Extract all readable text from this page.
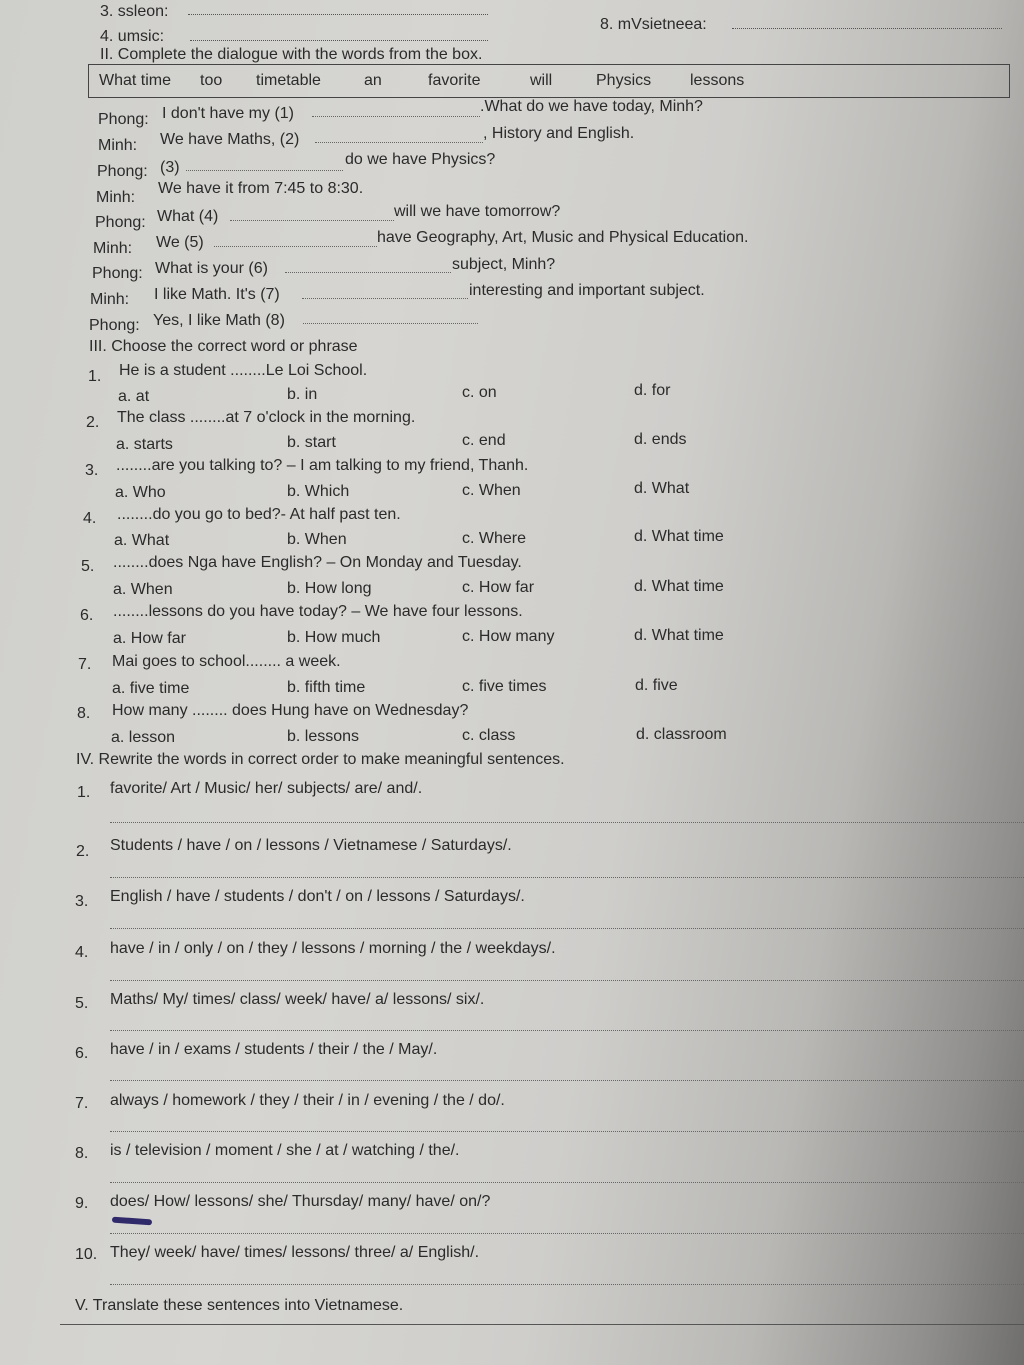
3. ssleon:
4. umsic:
8. mVsietneea:
II. Complete the dialogue with the words from the box.
What time too timetable	an	favorite	will	Physics lessons
Phong: I don't have my (1)	.What do we have today, Minh?
Minh: We have Maths, (2)	, History and English.
Phong: (3)	do we have Physics?
Minh:
We have it from 7:45 to 8:30.
Phong: What (4)	will we have tomorrow?
Minh: We (5)	have Geography, Art, Music and Physical Education.
Phong: What is your (6)	subject, Minh?
Minh: I like Math. It's (7)	interesting and important subject.
Phong: Yes, I like Math (8)
III. Choose the correct word or phrase
1. He is a student ........Le Loi School.
a. at	b. in	c. on	d. for
2. The class ........at 7 o'clock in the morning.
a. starts	b. start	c. end	d. ends
3. ........are you talking to? – I am talking to my friend, Thanh.
a. Who	b. Which	c. When	d. What
4. ........do you go to bed?- At half past ten.
a. What	b. When	c. Where	d. What time
5. ........does Nga have English? – On Monday and Tuesday.
a. When	b. How long	c. How far	d. What time
6. ........lessons do you have today? – We have four lessons.
a. How far	b. How much	c. How many	d. What time
7. Mai goes to school........ a week.
a. five time	b. fifth time	c. five times	d. five
8. How many ........ does Hung have on Wednesday?
a. lesson	b. lessons	c. class	d. classroom
IV. Rewrite the words in correct order to make meaningful sentences.
1. favorite/ Art / Music/ her/ subjects/ are/ and/.
2. Students / have / on / lessons / Vietnamese / Saturdays/.
3. English / have / students / don't / on / lessons / Saturdays/.
4. have / in / only / on / they / lessons / morning / the / weekdays/.
5. Maths/ My/ times/ class/ week/ have/ a/ lessons/ six/.
6. have / in / exams / students / their / the / May/.
7. always / homework / they / their / in / evening / the / do/.
8. is / television / moment / she / at / watching / the/.
9. does/ How/ lessons/ she/ Thursday/ many/ have/ on/?
10. They/ week/ have/ times/ lessons/ three/ a/ English/.
V. Translate these sentences into Vietnamese.
